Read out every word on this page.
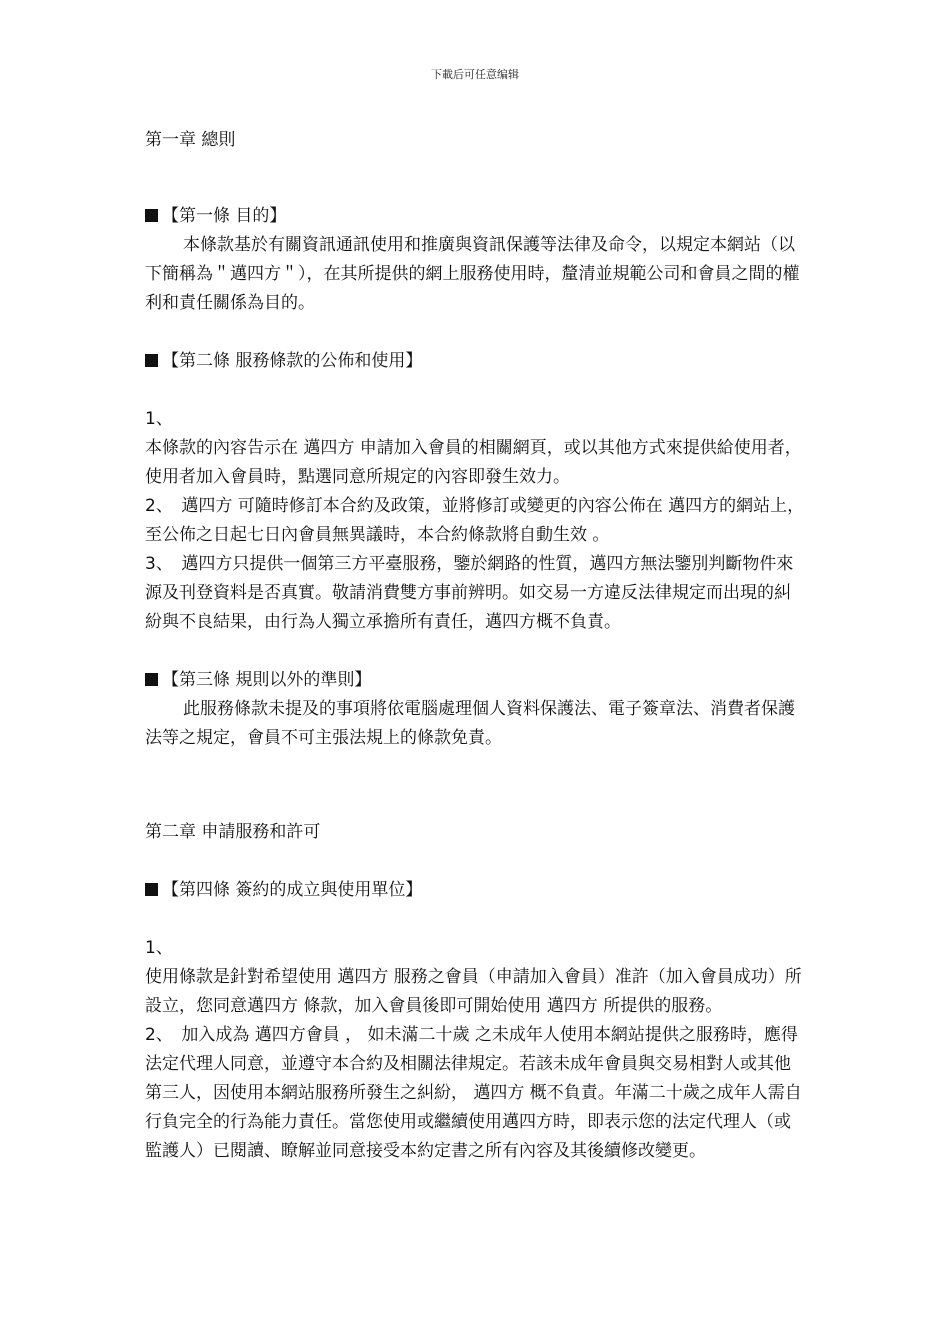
下載后可任意编辑

第一章 總則

【第一條 目的】

本條款基於有關資訊通訊使用和推廣與資訊保護等法律及命令，以規定本網站（以下簡稱為＂邁四方＂），在其所提供的網上服務使用時，釐清並規範公司和會員之間的權利和責任關係為目的。

【第二條 服務條款的公佈和使用】

1、

本條款的內容告示在 邁四方 申請加入會員的相關網頁，或以其他方式來提供給使用者，使用者加入會員時，點選同意所規定的內容即發生效力。

2、　邁四方 可隨時修訂本合約及政策，並將修訂或變更的內容公佈在 邁四方的網站上，至公佈之日起七日內會員無異議時，本合約條款將自動生效 。

3、　邁四方只提供一個第三方平臺服務，鑒於網路的性質，邁四方無法鑒別判斷物件來源及刊登資料是否真實。敬請消費雙方事前辨明。如交易一方違反法律規定而出現的糾紛與不良結果，由行為人獨立承擔所有責任，邁四方概不負責。

【第三條 規則以外的準則】

此服務條款未提及的事項將依電腦處理個人資料保護法、電子簽章法、消費者保護法等之規定，會員不可主張法規上的條款免責。

第二章 申請服務和許可

【第四條 簽約的成立與使用單位】

1、

使用條款是針對希望使用 邁四方 服務之會員（申請加入會員）准許（加入會員成功）所設立，您同意邁四方 條款，加入會員後即可開始使用 邁四方 所提供的服務。

2、　加入成為 邁四方會員 ， 如未滿二十歲 之未成年人使用本網站提供之服務時，應得法定代理人同意，並遵守本合約及相關法律規定。若該未成年會員與交易相對人或其他第三人，因使用本網站服務所發生之糾紛， 邁四方 概不負責。年滿二十歲之成年人需自行負完全的行為能力責任。當您使用或繼續使用邁四方時，即表示您的法定代理人（或監護人）已閱讀、瞭解並同意接受本約定書之所有內容及其後續修改變更。
